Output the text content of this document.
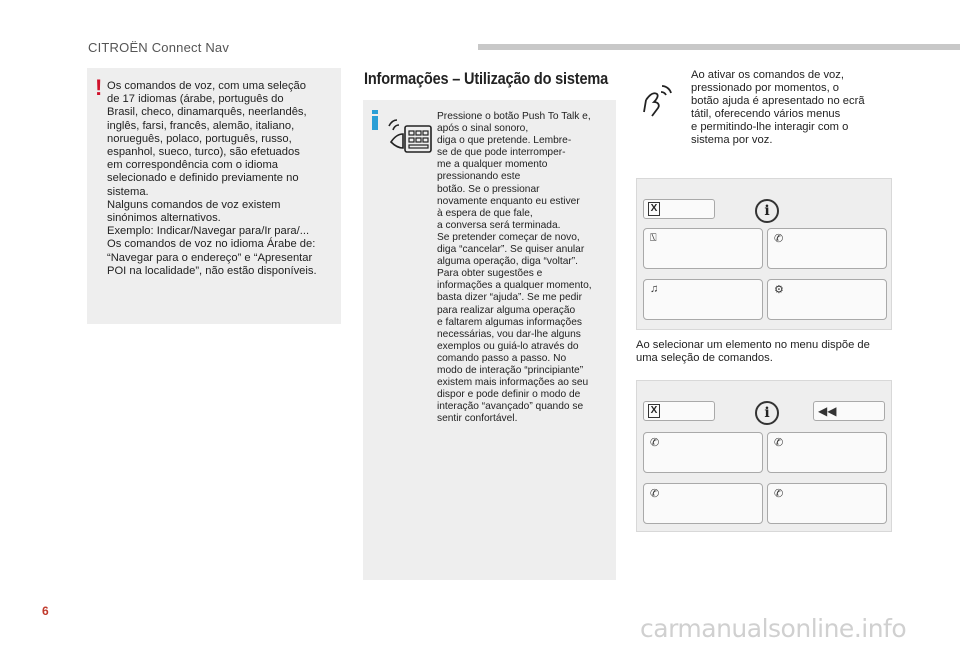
CITROËN Connect Nav
! Os comandos de voz, com uma seleção
de 17 idiomas (árabe, português do
Brasil, checo, dinamarquês, neerlandês,
inglês, farsi, francês, alemão, italiano,
norueguês, polaco, português, russo,
espanhol, sueco, turco), são efetuados
em correspondência com o idioma
selecionado e definido previamente no
sistema.
Nalguns comandos de voz existem
sinónimos alternativos.
Exemplo: Indicar/Navegar para/Ir para/...
Os comandos de voz no idioma Árabe de:
“Navegar para o endereço” e “Apresentar
POI na localidade”, não estão disponíveis.
Informações – Utilização do sistema
Pressione o botão Push To Talk e,
após o sinal sonoro,
diga o que pretende. Lembre-
se de que pode interromper-
me a qualquer momento
pressionando este
botão. Se o pressionar
novamente enquanto eu estiver
à espera de que fale,
a conversa será terminada.
Se pretender começar de novo,
diga “cancelar”. Se quiser anular
alguma operação, diga “voltar”.
Para obter sugestões e
informações a qualquer momento,
basta dizer “ajuda”. Se me pedir
para realizar alguma operação
e faltarem algumas informações
necessárias, vou dar-lhe alguns
exemplos ou guiá-lo através do
comando passo a passo. No
modo de interação “principiante”
existem mais informações ao seu
dispor e pode definir o modo de
interação “avançado” quando se
sentir confortável.
Ao ativar os comandos de voz,
pressionado por momentos, o
botão ajuda é apresentado no ecrã
tátil, oferecendo vários menus
e permitindo-lhe interagir com o
sistema por voz.
X	i
⍂	✆
♫	⚙
Ao selecionar um elemento no menu dispõe de
uma seleção de comandos.
X	i	◀◀
✆	✆
✆	✆
6
carmanualsonline.info
